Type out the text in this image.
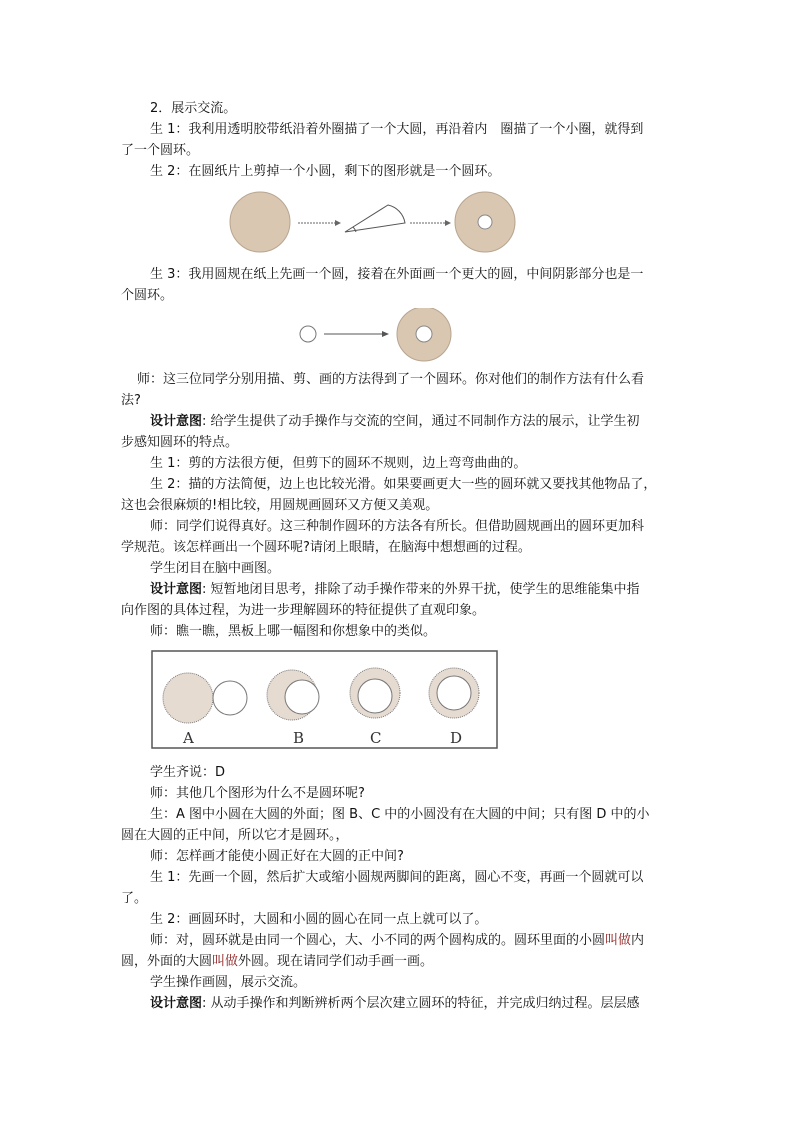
2．展示交流。
生 1：我利用透明胶带纸沿着外圈描了一个大圆，再沿着内　圈描了一个小圈，就得到
了一个圆环。
生 2：在圆纸片上剪掉一个小圆，剩下的图形就是一个圆环。
生 3：我用圆规在纸上先画一个圆，接着在外面画一个更大的圆，中间阴影部分也是一
个圆环。
师：这三位同学分别用描、剪、画的方法得到了一个圆环。你对他们的制作方法有什么看
法?
设计意图: 给学生提供了动手操作与交流的空间，通过不同制作方法的展示，让学生初
步感知圆环的特点。
生 1：剪的方法很方便，但剪下的圆环不规则，边上弯弯曲曲的。
生 2：描的方法简便，边上也比较光滑。如果要画更大一些的圆环就又要找其他物品了，
这也会很麻烦的!相比较，用圆规画圆环又方便又美观。
师：同学们说得真好。这三种制作圆环的方法各有所长。但借助圆规画出的圆环更加科
学规范。该怎样画出一个圆环呢?请闭上眼睛，在脑海中想想画的过程。
学生闭目在脑中画图。
设计意图: 短暂地闭目思考，排除了动手操作带来的外界干扰，使学生的思维能集中指
向作图的具体过程，为进一步理解圆环的特征提供了直观印象。
师：瞧一瞧，黑板上哪一幅图和你想象中的类似。
A	B	C	D
学生齐说：D
师：其他几个图形为什么不是圆环呢?
生：A 图中小圆在大圆的外面；图 B、C 中的小圆没有在大圆的中间；只有图 D 中的小
圆在大圆的正中间，所以它才是圆环。，
师：怎样画才能使小圆正好在大圆的正中间?
生 1：先画一个圆，然后扩大或缩小圆规两脚间的距离，圆心不变，再画一个圆就可以
了。
生 2：画圆环时，大圆和小圆的圆心在同一点上就可以了。
师：对，圆环就是由同一个圆心，大、小不同的两个圆构成的。圆环里面的小圆叫做内
圆，外面的大圆叫做外圆。现在请同学们动手画一画。
学生操作画圆，展示交流。
设计意图: 从动手操作和判断辨析两个层次建立圆环的特征，并完成归纳过程。层层感
